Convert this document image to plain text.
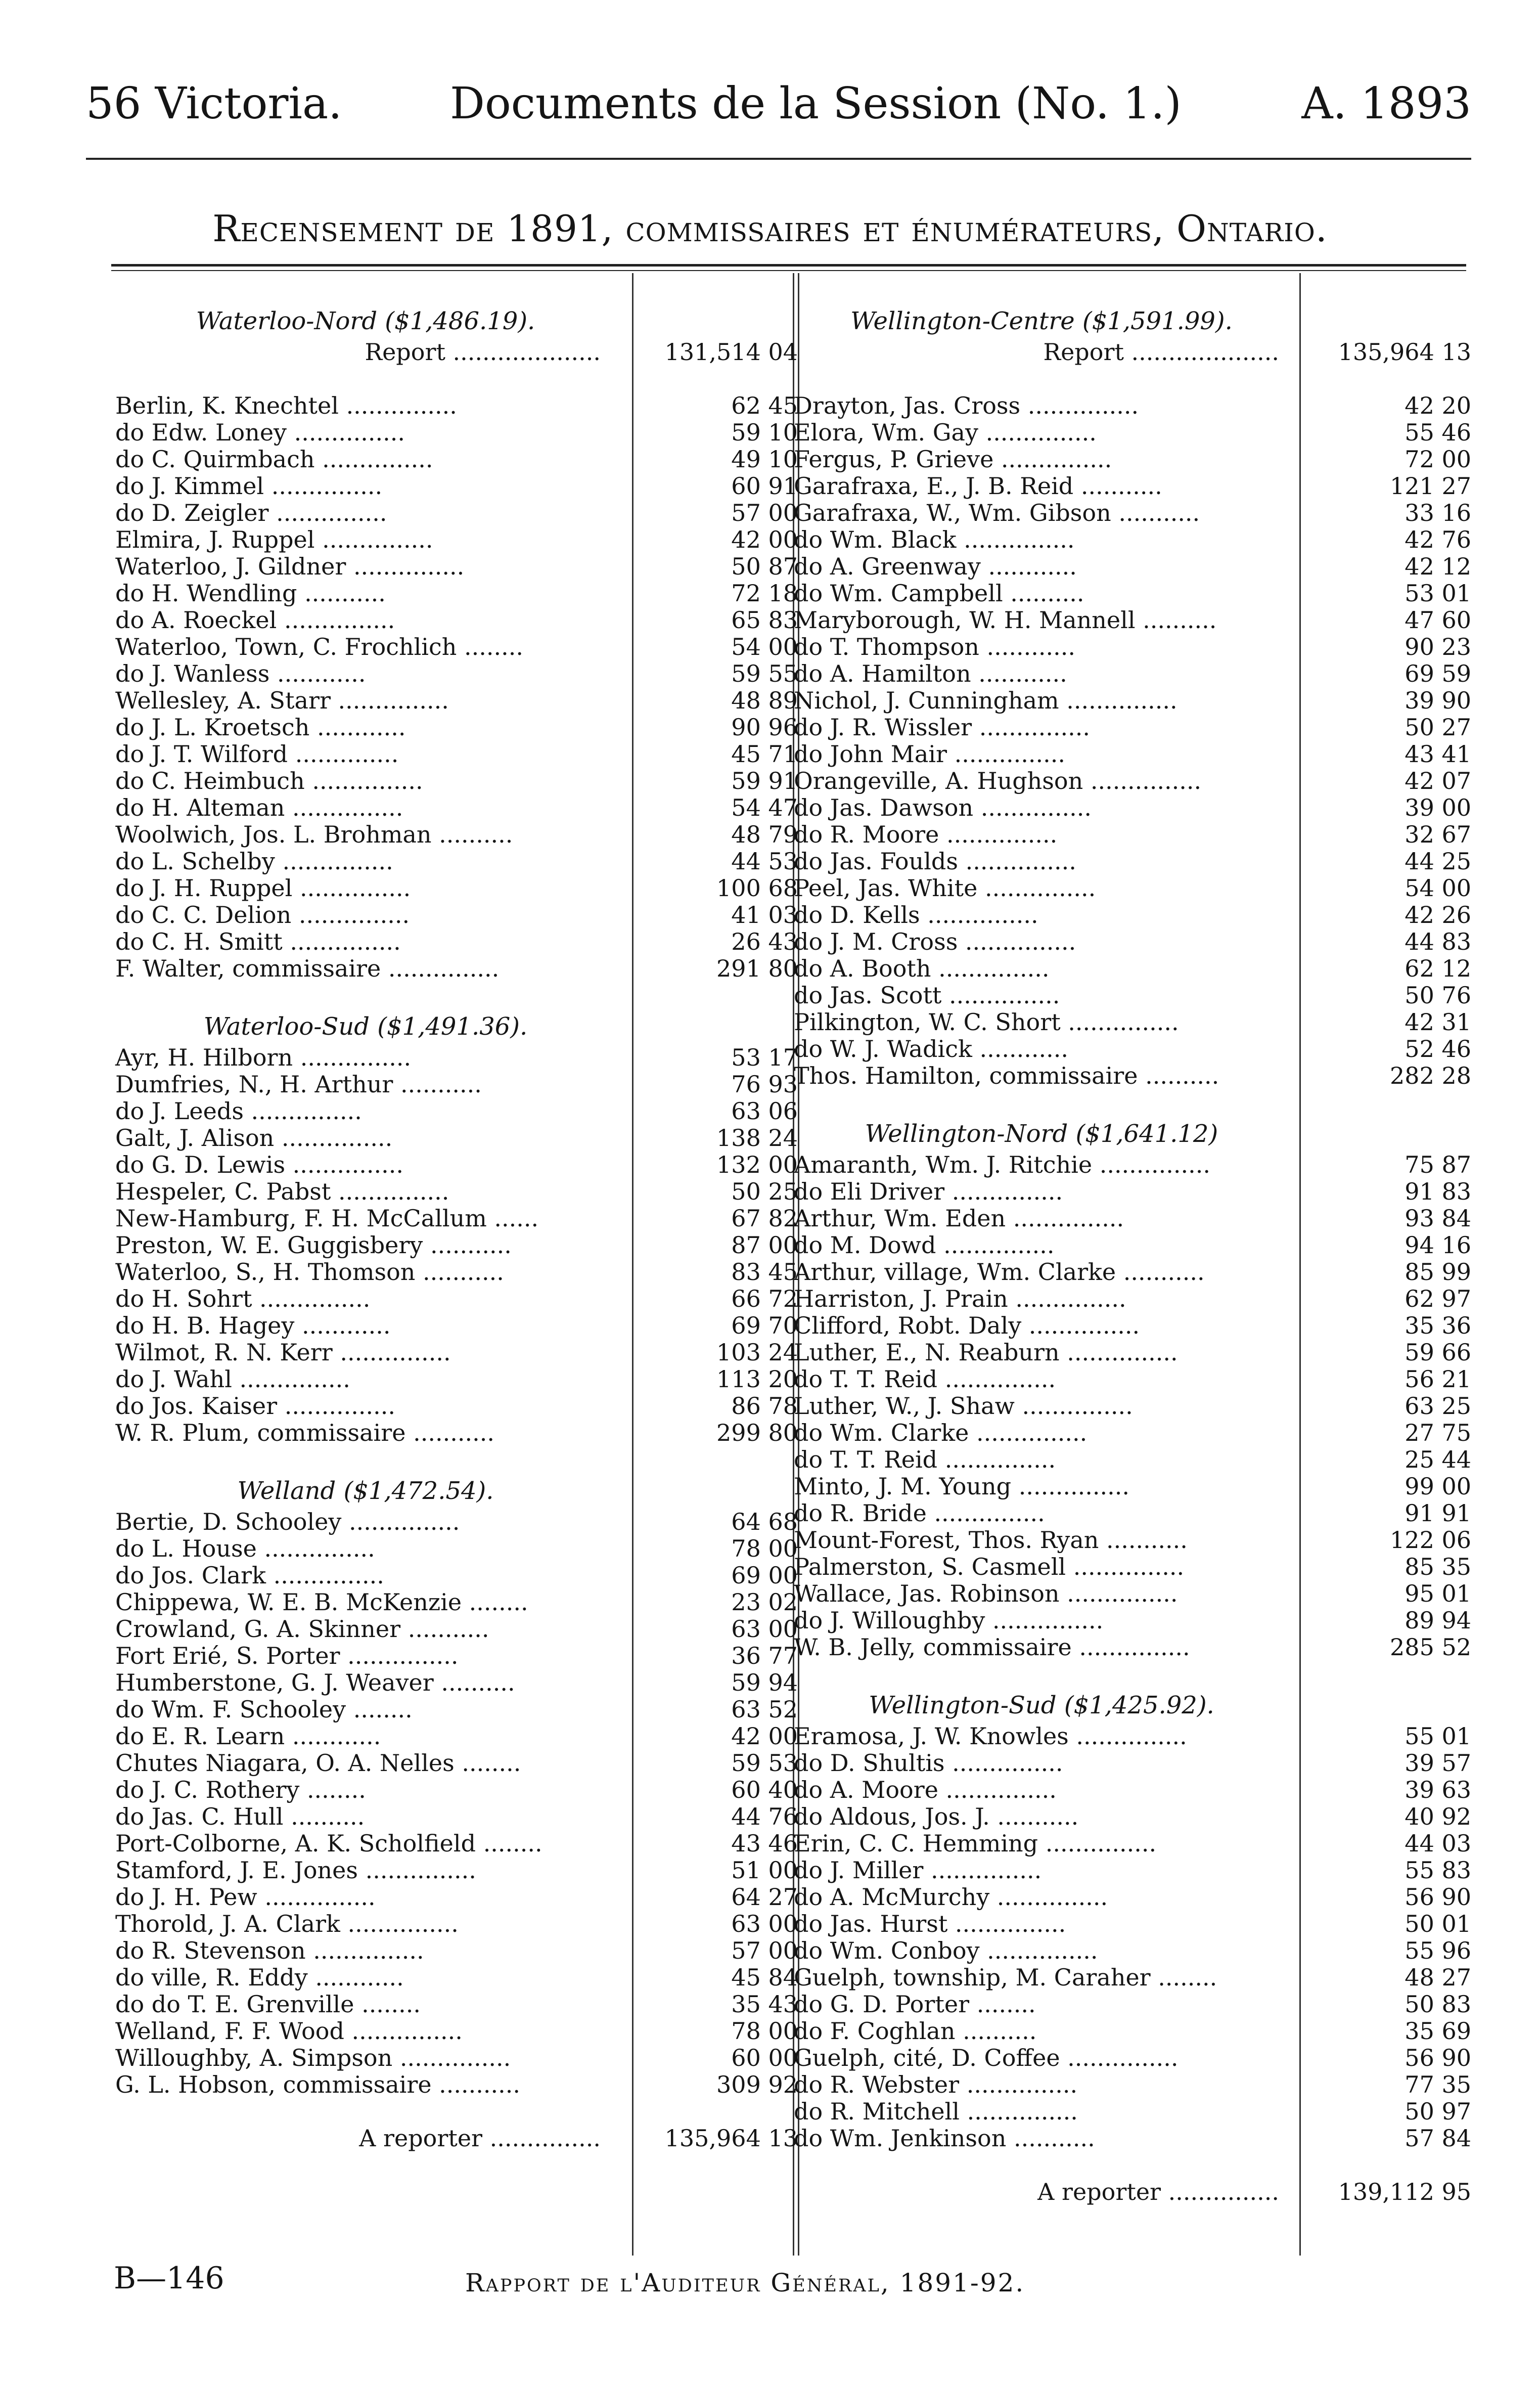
56 Victoria. Documents de la Session (No. 1.)	A. 1893
Recensement de 1891, commissaires et énumérateurs, Ontario.
Waterloo-Nord ($1,486.19).
Report ....................	131,514 04
Berlin, K. Knechtel ...............	62 45
do Edw. Loney ...............	59 10
do C. Quirmbach ...............	49 10
do J. Kimmel ...............	60 91
do D. Zeigler ...............	57 00
Elmira, J. Ruppel ...............	42 00
Waterloo, J. Gildner ...............	50 87
do H. Wendling ...........	72 18
do A. Roeckel ...............	65 83
Waterloo, Town, C. Frochlich ........	54 00
do J. Wanless ............	59 55
Wellesley, A. Starr ...............	48 89
do J. L. Kroetsch ............	90 96
do J. T. Wilford ..............	45 71
do C. Heimbuch ...............	59 91
do H. Alteman ...............	54 47
Woolwich, Jos. L. Brohman ..........	48 79
do L. Schelby ...............	44 53
do J. H. Ruppel ...............	100 68
do C. C. Delion ...............	41 03
do C. H. Smitt ...............	26 43
F. Walter, commissaire ...............	291 80
Waterloo-Sud ($1,491.36).
Ayr, H. Hilborn ...............	53 17
Dumfries, N., H. Arthur ...........	76 93
do J. Leeds ...............	63 06
Galt, J. Alison ...............	138 24
do G. D. Lewis ...............	132 00
Hespeler, C. Pabst ...............	50 25
New-Hamburg, F. H. McCallum ......	67 82
Preston, W. E. Guggisbery ...........	87 00
Waterloo, S., H. Thomson ...........	83 45
do H. Sohrt ...............	66 72
do H. B. Hagey ............	69 70
Wilmot, R. N. Kerr ...............	103 24
do J. Wahl ...............	113 20
do Jos. Kaiser ...............	86 78
W. R. Plum, commissaire ...........	299 80
Welland ($1,472.54).
Bertie, D. Schooley ...............	64 68
do L. House ...............	78 00
do Jos. Clark ...............	69 00
Chippewa, W. E. B. McKenzie ........	23 02
Crowland, G. A. Skinner ...........	63 00
Fort Erié, S. Porter ...............	36 77
Humberstone, G. J. Weaver ..........	59 94
do Wm. F. Schooley ........	63 52
do E. R. Learn ............	42 00
Chutes Niagara, O. A. Nelles ........	59 53
do J. C. Rothery ........	60 40
do Jas. C. Hull ..........	44 76
Port-Colborne, A. K. Scholfield ........	43 46
Stamford, J. E. Jones ...............	51 00
do J. H. Pew ...............	64 27
Thorold, J. A. Clark ...............	63 00
do R. Stevenson ...............	57 00
do ville, R. Eddy ............	45 84
do do T. E. Grenville ........	35 43
Welland, F. F. Wood ...............	78 00
Willoughby, A. Simpson ...............	60 00
G. L. Hobson, commissaire ...........	309 92
A reporter ...............	135,964 13
Wellington-Centre ($1,591.99).
Report ....................	135,964 13
Drayton, Jas. Cross ...............	42 20
Elora, Wm. Gay ...............	55 46
Fergus, P. Grieve ...............	72 00
Garafraxa, E., J. B. Reid ...........	121 27
Garafraxa, W., Wm. Gibson ...........	33 16
do Wm. Black ...............	42 76
do A. Greenway ............	42 12
do Wm. Campbell ..........	53 01
Maryborough, W. H. Mannell ..........	47 60
do T. Thompson ............	90 23
do A. Hamilton ............	69 59
Nichol, J. Cunningham ...............	39 90
do J. R. Wissler ...............	50 27
do John Mair ...............	43 41
Orangeville, A. Hughson ...............	42 07
do Jas. Dawson ...............	39 00
do R. Moore ...............	32 67
do Jas. Foulds ...............	44 25
Peel, Jas. White ...............	54 00
do D. Kells ...............	42 26
do J. M. Cross ...............	44 83
do A. Booth ...............	62 12
do Jas. Scott ...............	50 76
Pilkington, W. C. Short ...............	42 31
do W. J. Wadick ............	52 46
Thos. Hamilton, commissaire ..........	282 28
Wellington-Nord ($1,641.12)
Amaranth, Wm. J. Ritchie ...............	75 87
do Eli Driver ...............	91 83
Arthur, Wm. Eden ...............	93 84
do M. Dowd ...............	94 16
Arthur, village, Wm. Clarke ...........	85 99
Harriston, J. Prain ...............	62 97
Clifford, Robt. Daly ...............	35 36
Luther, E., N. Reaburn ...............	59 66
do T. T. Reid ...............	56 21
Luther, W., J. Shaw ...............	63 25
do Wm. Clarke ...............	27 75
do T. T. Reid ...............	25 44
Minto, J. M. Young ...............	99 00
do R. Bride ...............	91 91
Mount-Forest, Thos. Ryan ...........	122 06
Palmerston, S. Casmell ...............	85 35
Wallace, Jas. Robinson ...............	95 01
do J. Willoughby ...............	89 94
W. B. Jelly, commissaire ...............	285 52
Wellington-Sud ($1,425.92).
Eramosa, J. W. Knowles ...............	55 01
do D. Shultis ...............	39 57
do A. Moore ...............	39 63
do Aldous, Jos. J. ...........	40 92
Erin, C. C. Hemming ...............	44 03
do J. Miller ...............	55 83
do A. McMurchy ...............	56 90
do Jas. Hurst ...............	50 01
do Wm. Conboy ...............	55 96
Guelph, township, M. Caraher ........	48 27
do G. D. Porter ........	50 83
do F. Coghlan ..........	35 69
Guelph, cité, D. Coffee ...............	56 90
do R. Webster ...............	77 35
do R. Mitchell ...............	50 97
do Wm. Jenkinson ...........	57 84
A reporter ...............	139,112 95
B—146	Rapport de l'Auditeur Général, 1891-92.
